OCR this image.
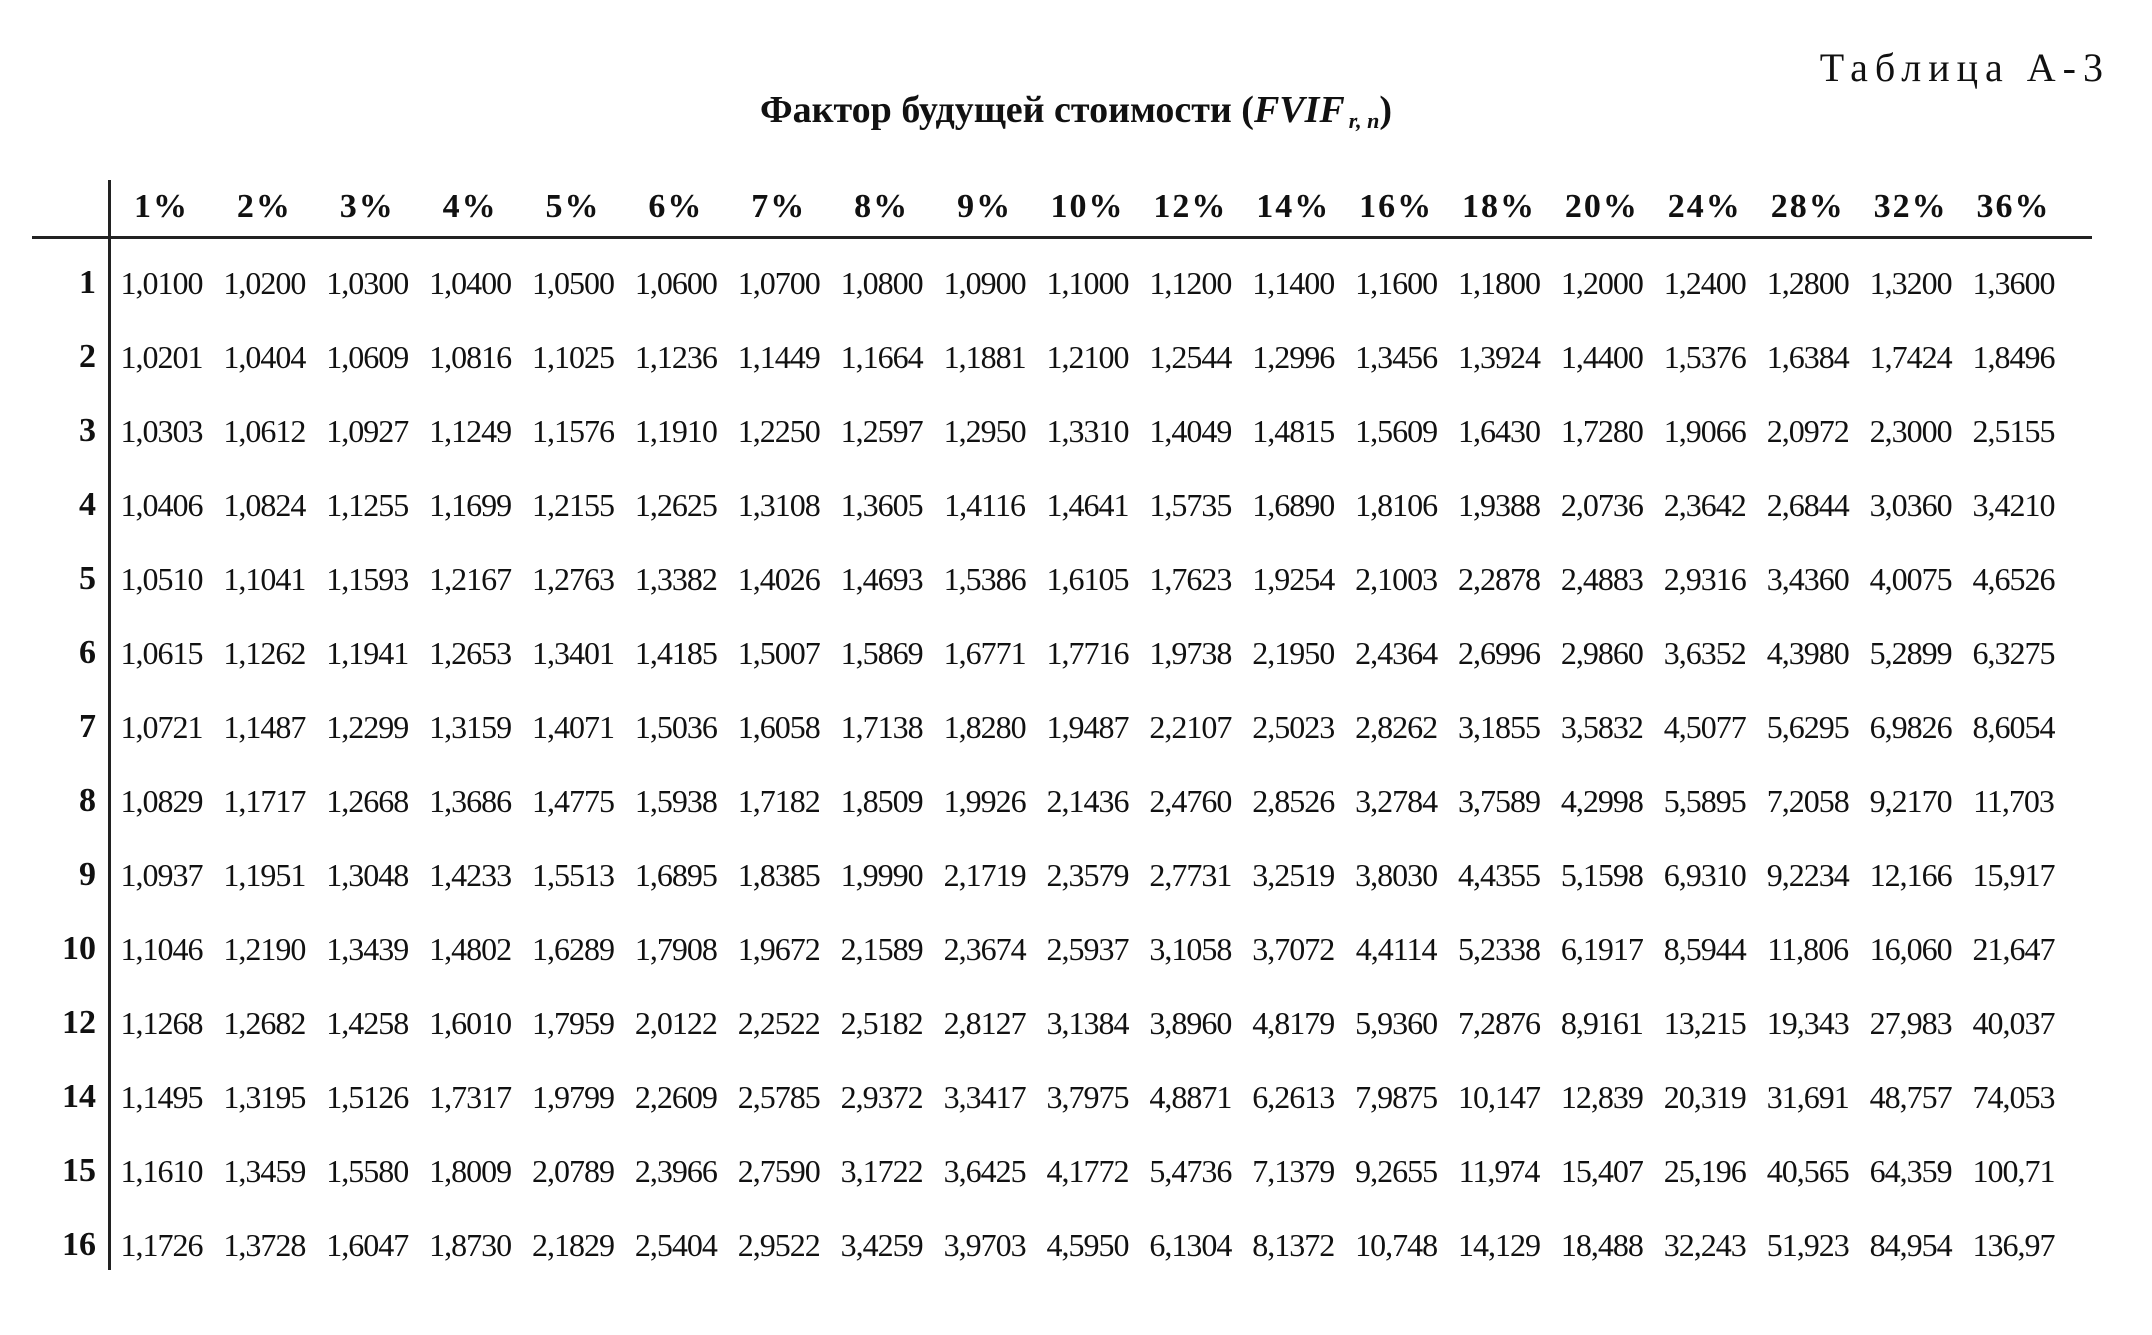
Таблица А-3
Фактор будущей стоимости (FVIF $_{r, n}$)
1%	2%	3%	4%	5%	6%	7%	8%	9%	10% 12% 14% 16% 18% 20% 24% 28% 32% 36%
1 1,0100 1,0200 1,0300 1,0400 1,0500 1,0600 1,0700 1,0800 1,0900 1,1000 1,1200 1,1400 1,1600 1,1800 1,2000 1,2400 1,2800 1,3200 1,3600
2 1,0201 1,0404 1,0609 1,0816 1,1025 1,1236 1,1449 1,1664 1,1881 1,2100 1,2544 1,2996 1,3456 1,3924 1,4400 1,5376 1,6384 1,7424 1,8496
3 1,0303 1,0612 1,0927 1,1249 1,1576 1,1910 1,2250 1,2597 1,2950 1,3310 1,4049 1,4815 1,5609 1,6430 1,7280 1,9066 2,0972 2,3000 2,5155
4 1,0406 1,0824 1,1255 1,1699 1,2155 1,2625 1,3108 1,3605 1,4116 1,4641 1,5735 1,6890 1,8106 1,9388 2,0736 2,3642 2,6844 3,0360 3,4210
5 1,0510 1,1041 1,1593 1,2167 1,2763 1,3382 1,4026 1,4693 1,5386 1,6105 1,7623 1,9254 2,1003 2,2878 2,4883 2,9316 3,4360 4,0075 4,6526
6 1,0615 1,1262 1,1941 1,2653 1,3401 1,4185 1,5007 1,5869 1,6771 1,7716 1,9738 2,1950 2,4364 2,6996 2,9860 3,6352 4,3980 5,2899 6,3275
7 1,0721 1,1487 1,2299 1,3159 1,4071 1,5036 1,6058 1,7138 1,8280 1,9487 2,2107 2,5023 2,8262 3,1855 3,5832 4,5077 5,6295 6,9826 8,6054
8 1,0829 1,1717 1,2668 1,3686 1,4775 1,5938 1,7182 1,8509 1,9926 2,1436 2,4760 2,8526 3,2784 3,7589 4,2998 5,5895 7,2058 9,2170 11,703
9 1,0937 1,1951 1,3048 1,4233 1,5513 1,6895 1,8385 1,9990 2,1719 2,3579 2,7731 3,2519 3,8030 4,4355 5,1598 6,9310 9,2234 12,166 15,917
10 1,1046 1,2190 1,3439 1,4802 1,6289 1,7908 1,9672 2,1589 2,3674 2,5937 3,1058 3,7072 4,4114 5,2338 6,1917 8,5944 11,806 16,060 21,647
12 1,1268 1,2682 1,4258 1,6010 1,7959 2,0122 2,2522 2,5182 2,8127 3,1384 3,8960 4,8179 5,9360 7,2876 8,9161 13,215 19,343 27,983 40,037
14 1,1495 1,3195 1,5126 1,7317 1,9799 2,2609 2,5785 2,9372 3,3417 3,7975 4,8871 6,2613 7,9875 10,147 12,839 20,319 31,691 48,757 74,053
15 1,1610 1,3459 1,5580 1,8009 2,0789 2,3966 2,7590 3,1722 3,6425 4,1772 5,4736 7,1379 9,2655 11,974 15,407 25,196 40,565 64,359 100,71
16 1,1726 1,3728 1,6047 1,8730 2,1829 2,5404 2,9522 3,4259 3,9703 4,5950 6,1304 8,1372 10,748 14,129 18,488 32,243 51,923 84,954 136,97
